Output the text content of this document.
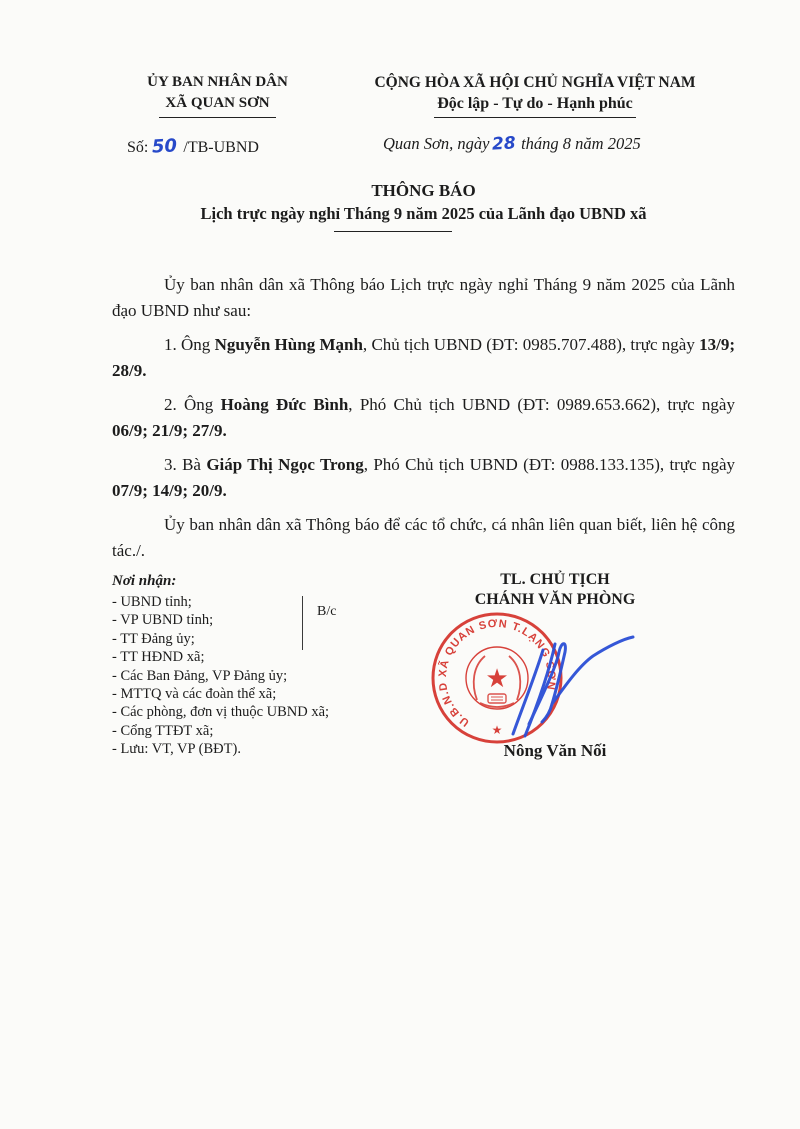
ỦY BAN NHÂN DÂN
XÃ QUAN SƠN
CỘNG HÒA XÃ HỘI CHỦ NGHĨA VIỆT NAM
Độc lập - Tự do - Hạnh phúc
Số: 50 /TB-UBND	Quan Sơn, ngày 28 tháng 8 năm 2025
THÔNG BÁO
Lịch trực ngày nghỉ Tháng 9 năm 2025 của Lãnh đạo UBND xã

Ủy ban nhân dân xã Thông báo Lịch trực ngày nghỉ Tháng 9 năm 2025 của Lãnh đạo UBND như sau:

1. Ông Nguyễn Hùng Mạnh, Chủ tịch UBND (ĐT: 0985.707.488), trực ngày 13/9; 28/9.

2. Ông Hoàng Đức Bình, Phó Chủ tịch UBND (ĐT: 0989.653.662), trực ngày 06/9; 21/9; 27/9.

3. Bà Giáp Thị Ngọc Trong, Phó Chủ tịch UBND (ĐT: 0988.133.135), trực ngày 07/9; 14/9; 20/9.

Ủy ban nhân dân xã Thông báo để các tổ chức, cá nhân liên quan biết, liên hệ công tác./.

Nơi nhận:
- UBND tỉnh;
- VP UBND tỉnh;
- TT Đảng ủy;
- TT HĐND xã;
- Các Ban Đảng, VP Đảng ủy;
- MTTQ và các đoàn thể xã;
- Các phòng, đơn vị thuộc UBND xã;
- Cổng TTĐT xã;
- Lưu: VT, VP (BĐT).
B/c
TL. CHỦ TỊCH
CHÁNH VĂN PHÒNG
U.B.N.D XÃ QUAN SƠN T.LẠNG SƠN
★
★
Nông Văn Nối
